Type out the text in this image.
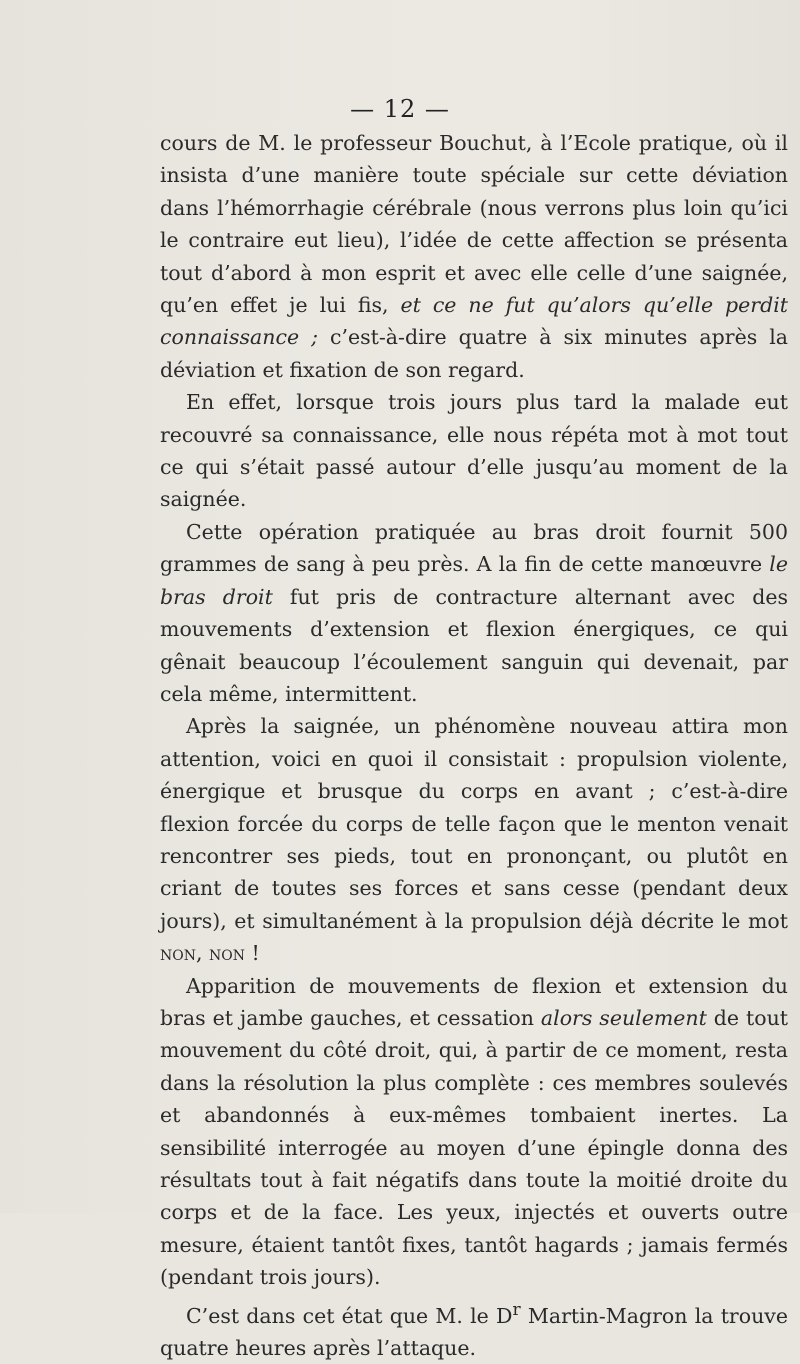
— 12 —

cours de M. le professeur Bouchut, à l’Ecole pratique, où il insista d’une manière toute spéciale sur cette déviation dans l’hémorrhagie cérébrale (nous verrons plus loin qu’ici le contraire eut lieu), l’idée de cette affection se présenta tout d’abord à mon esprit et avec elle celle d’une saignée, qu’en effet je lui fis, et ce ne fut qu’alors qu’elle perdit connaissance ; c’est-à-dire quatre à six minutes après la déviation et fixation de son regard.

En effet, lorsque trois jours plus tard la malade eut recouvré sa connaissance, elle nous répéta mot à mot tout ce qui s’était passé autour d’elle jusqu’au moment de la saignée.

Cette opération pratiquée au bras droit fournit 500 grammes de sang à peu près. A la fin de cette manœuvre le bras droit fut pris de contracture alternant avec des mouvements d’extension et flexion énergiques, ce qui gênait beaucoup l’écoulement sanguin qui devenait, par cela même, intermittent.

Après la saignée, un phénomène nouveau attira mon attention, voici en quoi il consistait : propulsion violente, énergique et brusque du corps en avant ; c’est-à-dire flexion forcée du corps de telle façon que le menton venait rencontrer ses pieds, tout en prononçant, ou plutôt en criant de toutes ses forces et sans cesse (pendant deux jours), et simultanément à la propulsion déjà décrite le mot non, non !

Apparition de mouvements de flexion et extension du bras et jambe gauches, et cessation alors seulement de tout mouvement du côté droit, qui, à partir de ce moment, resta dans la résolution la plus complète : ces membres soulevés et abandonnés à eux-mêmes tombaient inertes. La sensibilité interrogée au moyen d’une épingle donna des résultats tout à fait négatifs dans toute la moitié droite du corps et de la face. Les yeux, injectés et ouverts outre mesure, étaient tantôt fixes, tantôt hagards ; jamais fermés (pendant trois jours).

C’est dans cet état que M. le $D^r$ Martin-Magron la trouve quatre heures après l’attaque.
